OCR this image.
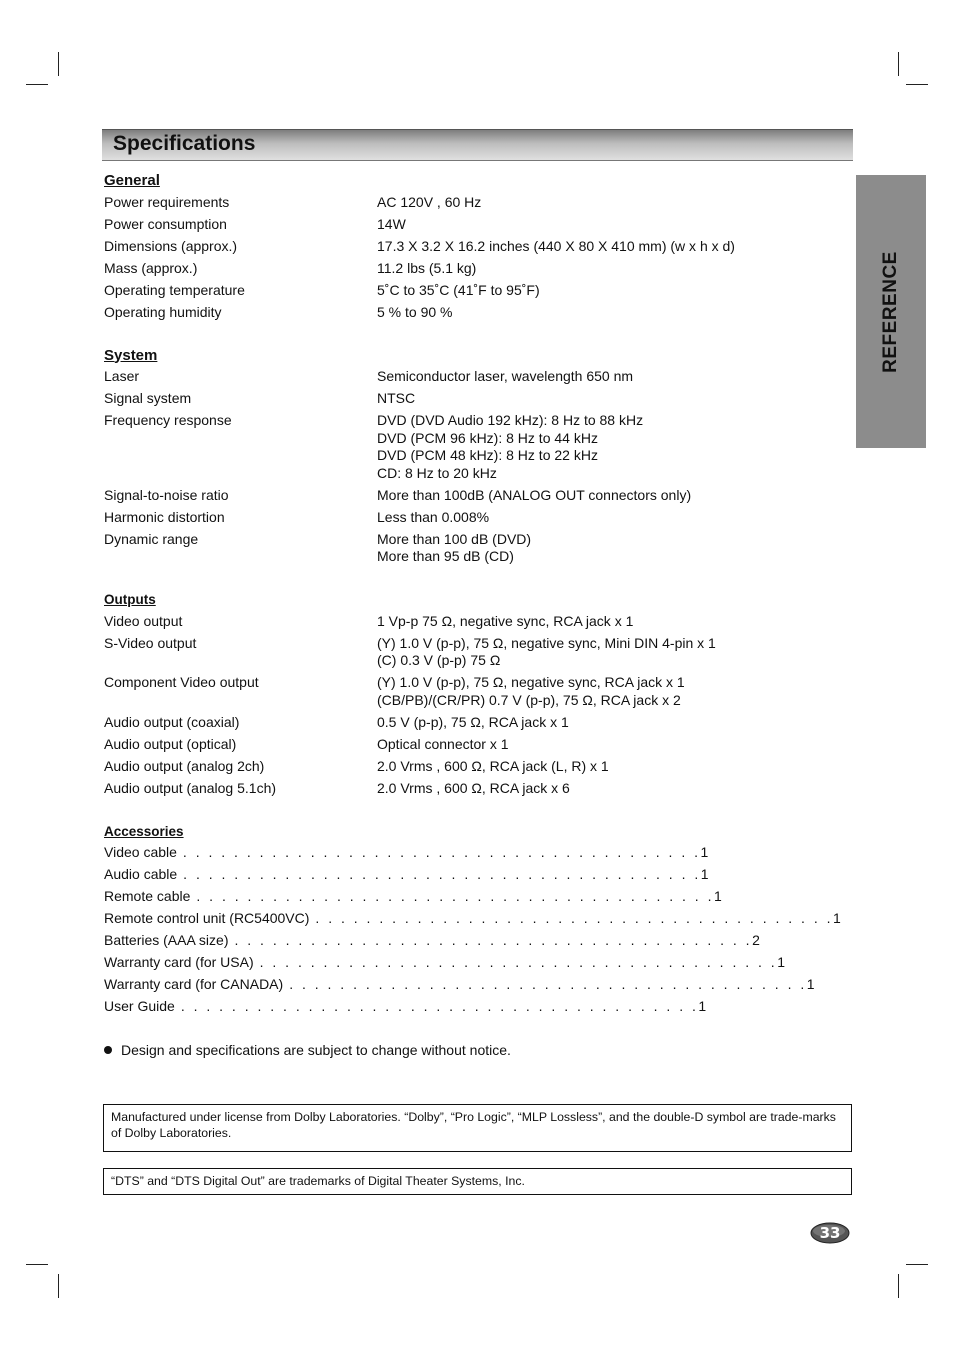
Specifications
REFERENCE
General
Power requirements	AC 120V , 60 Hz
Power consumption	14W
Dimensions (approx.)	17.3 X 3.2 X 16.2 inches (440 X 80 X 410 mm) (w x h x d)
Mass (approx.)	11.2 lbs (5.1 kg)
Operating temperature	5˚C to 35˚C (41˚F to 95˚F)
Operating humidity	5 % to 90 %
System
Laser	Semiconductor laser, wavelength 650 nm
Signal system	NTSC
Frequency response	DVD (DVD Audio 192 kHz): 8 Hz to 88 kHz
DVD (PCM 96 kHz): 8 Hz to 44 kHz
DVD (PCM 48 kHz): 8 Hz to 22 kHz
CD: 8 Hz to 20 kHz
Signal-to-noise ratio	More than 100dB (ANALOG OUT connectors only)
Harmonic distortion	Less than 0.008%
Dynamic range	More than 100 dB (DVD)
More than 95 dB (CD)
Outputs
Video output	1 Vp-p 75 Ω, negative sync, RCA jack x 1
S-Video output	(Y) 1.0 V (p-p), 75 Ω, negative sync, Mini DIN 4-pin x 1
(C) 0.3 V (p-p) 75 Ω
Component Video output	(Y) 1.0 V (p-p), 75 Ω, negative sync, RCA jack x 1
(CB/PB)/(CR/PR) 0.7 V (p-p), 75 Ω, RCA jack x 2
Audio output (coaxial)	0.5 V (p-p), 75 Ω, RCA jack x 1
Audio output (optical)	Optical connector x 1
Audio output (analog 2ch)	2.0 Vrms , 600 Ω, RCA jack (L, R) x 1
Audio output (analog 5.1ch)	2.0 Vrms , 600 Ω, RCA jack x 6
Accessories
Video cable . . . . . . . . . . . . . . . . . . . . . . . . . . . . . . . . . . . . . . . . . 1
Audio cable . . . . . . . . . . . . . . . . . . . . . . . . . . . . . . . . . . . . . . . . . 1
Remote cable . . . . . . . . . . . . . . . . . . . . . . . . . . . . . . . . . . . . . . . . . 1
Remote control unit (RC5400VC) . . . . . . . . . . . . . . . . . . . . . . . . . . . . . . . . . . . . . . . . . 1
Batteries (AAA size) . . . . . . . . . . . . . . . . . . . . . . . . . . . . . . . . . . . . . . . . . 2
Warranty card (for USA) . . . . . . . . . . . . . . . . . . . . . . . . . . . . . . . . . . . . . . . . . 1
Warranty card (for CANADA) . . . . . . . . . . . . . . . . . . . . . . . . . . . . . . . . . . . . . . . . . 1
User Guide . . . . . . . . . . . . . . . . . . . . . . . . . . . . . . . . . . . . . . . . . 1
Design and specifications are subject to change without notice.
Manufactured under license from Dolby Laboratories. “Dolby”, “Pro Logic”, “MLP Lossless”, and the double-D symbol are trade-marks of Dolby Laboratories.
“DTS” and “DTS Digital Out” are trademarks of Digital Theater Systems, Inc.
33
